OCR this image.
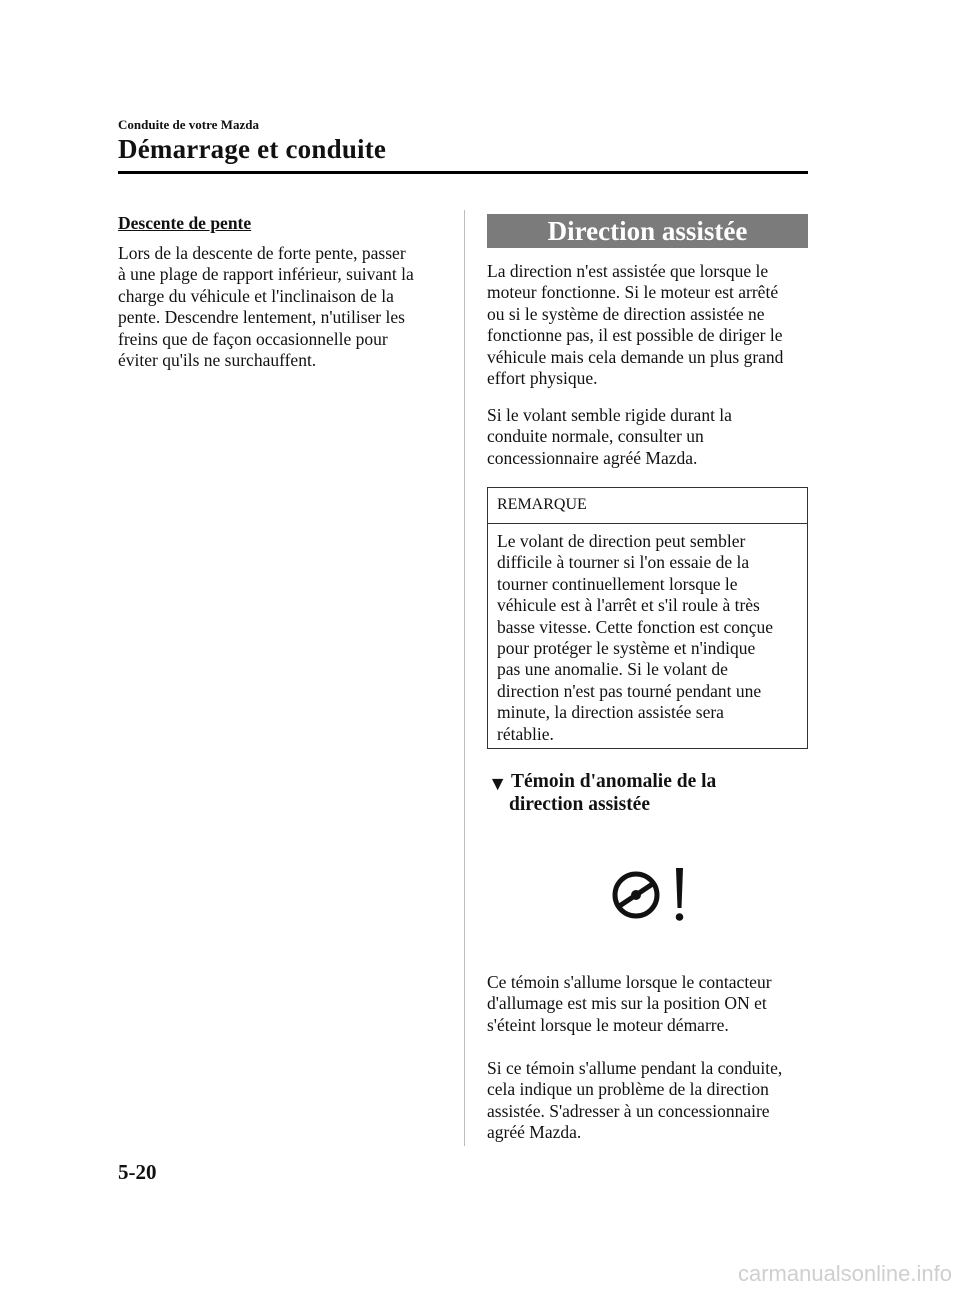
Conduite de votre Mazda
Démarrage et conduite
Descente de pente
Lors de la descente de forte pente, passer
à une plage de rapport inférieur, suivant la
charge du véhicule et l'inclinaison de la
pente. Descendre lentement, n'utiliser les
freins que de façon occasionnelle pour
éviter qu'ils ne surchauffent.
Direction assistée
La direction n'est assistée que lorsque le
moteur fonctionne. Si le moteur est arrêté
ou si le système de direction assistée ne
fonctionne pas, il est possible de diriger le
véhicule mais cela demande un plus grand
effort physique.
Si le volant semble rigide durant la
conduite normale, consulter un
concessionnaire agréé Mazda.
REMARQUE
Le volant de direction peut sembler
difficile à tourner si l'on essaie de la
tourner continuellement lorsque le
véhicule est à l'arrêt et s'il roule à très
basse vitesse. Cette fonction est conçue
pour protéger le système et n'indique
pas une anomalie. Si le volant de
direction n'est pas tourné pendant une
minute, la direction assistée sera
rétablie.
▼ Témoin d'anomalie de la
direction assistée
Ce témoin s'allume lorsque le contacteur
d'allumage est mis sur la position ON et
s'éteint lorsque le moteur démarre.
Si ce témoin s'allume pendant la conduite,
cela indique un problème de la direction
assistée. S'adresser à un concessionnaire
agréé Mazda.
5-20
carmanualsonline.info
